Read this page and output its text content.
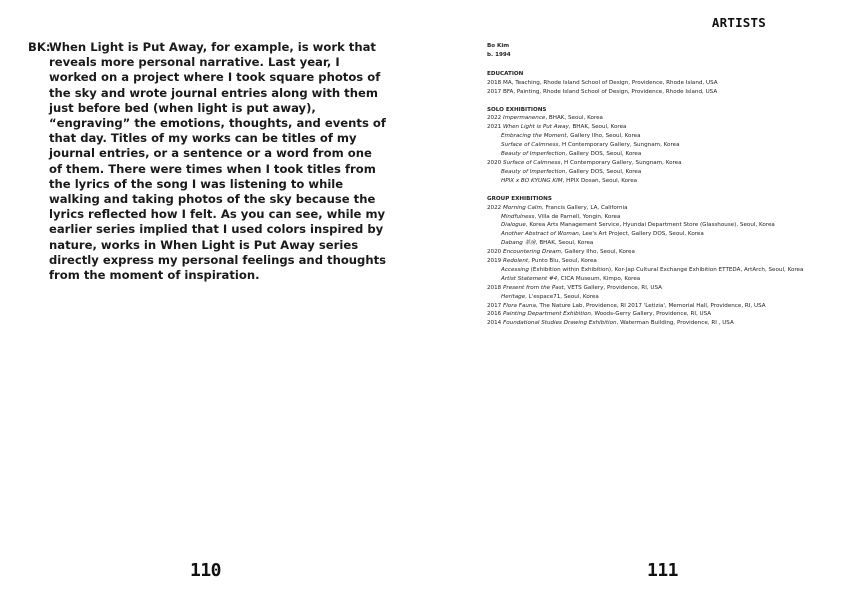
BK:
When Light is Put Away, for example, is work that reveals more personal narrative. Last year, I worked on a project where I took square photos of the sky and wrote journal entries along with them just before bed (when light is put away), “engraving” the emotions, thoughts, and events of that day. Titles of my works can be titles of my journal entries, or a sentence or a word from one of them. There were times when I took titles from the lyrics of the song I was listening to while walking and taking photos of the sky because the lyrics reflected how I felt. As you can see, while my earlier series implied that I used colors inspired by nature, works in When Light is Put Away series directly express my personal feelings and thoughts from the moment of inspiration.
110
ARTISTS
Bo Kim
b. 1994
EDUCATION
2018 MA, Teaching, Rhode Island School of Design, Providence, Rhode Island, USA
2017 BFA, Painting, Rhode Island School of Design, Providence, Rhode Island, USA
SOLO EXHIBITIONS
2022 Impermanence, BHAK, Seoul, Korea
2021 When Light is Put Away, BHAK, Seoul, Korea
Embracing the Moment, Gallery Ilho, Seoul, Korea
Surface of Calmness, H Contemporary Gallery, Sungnam, Korea
Beauty of Imperfection, Gallery DOS, Seoul, Korea
2020 Surface of Calmness, H Contemporary Gallery, Sungnam, Korea
Beauty of Imperfection, Gallery DOS, Seoul, Korea
HPIX x BO KYUNG KIM, HPIX Dosan, Seoul, Korea
GROUP EXHIBITIONS
2022 Morning Calm, Francis Gallery, LA, California
Mindfulness, Villa de Parnell, Yongin, Korea
Dialogue, Korea Arts Management Service, Hyundai Department Store (Glasshouse), Seoul, Korea
Another Abstract of Woman, Lee's Art Project, Gallery DOS, Seoul, Korea
Dabang 茶房, BHAK, Seoul, Korea
2020 Encountering Dream, Gallery Ilho, Seoul, Korea
2019 Redolent, Punto Blu, Seoul, Korea
Accessing (Exhibition within Exhibition), Kor-Jap Cultural Exchange Exhibition ETTEDA, ArtArch, Seoul, Korea
Artist Statement #4, CICA Museum, Kimpo, Korea
2018 Present from the Past, VETS Gallery, Providence, RI, USA
Heritage, L'espace71, Seoul, Korea
2017 Flora Fauna, The Nature Lab, Providence, RI 2017 'Letizia', Memorial Hall, Providence, RI, USA
2016 Painting Department Exhibition, Woods-Gerry Gallery, Providence, RI, USA
2014 Foundational Studies Drawing Exhibition, Waterman Building, Providence, RI , USA
111
